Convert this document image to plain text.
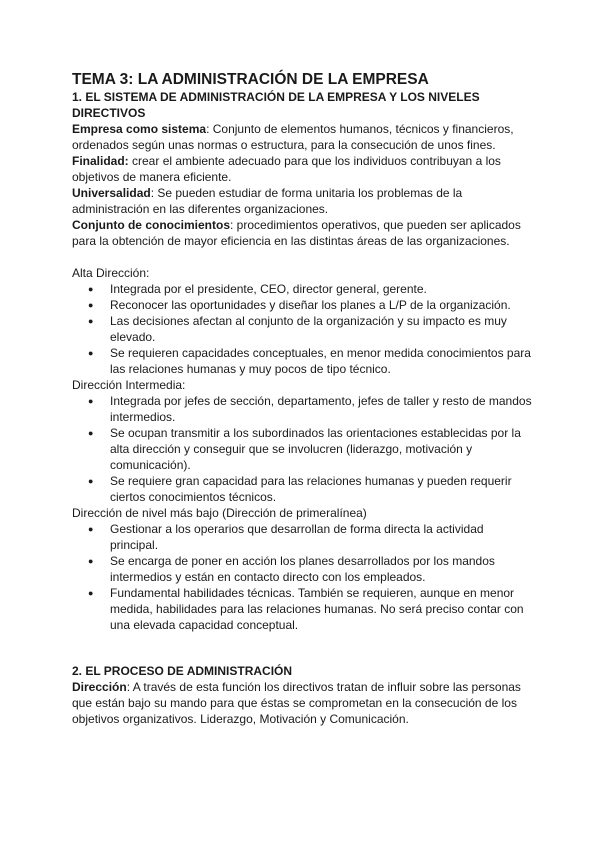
TEMA 3: LA ADMINISTRACIÓN DE LA EMPRESA
1. EL SISTEMA DE ADMINISTRACIÓN DE LA EMPRESA Y LOS NIVELES DIRECTIVOS

Empresa como sistema: Conjunto de elementos humanos, técnicos y financieros, ordenados según unas normas o estructura, para la consecución de unos fines.

Finalidad: crear el ambiente adecuado para que los individuos contribuyan a los objetivos de manera eficiente.

Universalidad: Se pueden estudiar de forma unitaria los problemas de la administración en las diferentes organizaciones.

Conjunto de conocimientos: procedimientos operativos, que pueden ser aplicados para la obtención de mayor eficiencia en las distintas áreas de las organizaciones.

Alta Dirección:
● Integrada por el presidente, CEO, director general, gerente.
● Reconocer las oportunidades y diseñar los planes a L/P de la organización.
● Las decisiones afectan al conjunto de la organización y su impacto es muy elevado.
● Se requieren capacidades conceptuales, en menor medida conocimientos para las relaciones humanas y muy pocos de tipo técnico.
Dirección Intermedia:
● Integrada por jefes de sección, departamento, jefes de taller y resto de mandos intermedios.
● Se ocupan transmitir a los subordinados las orientaciones establecidas por la alta dirección y conseguir que se involucren (liderazgo, motivación y comunicación).
● Se requiere gran capacidad para las relaciones humanas y pueden requerir ciertos conocimientos técnicos.
Dirección de nivel más bajo (Dirección de primeralínea)
● Gestionar a los operarios que desarrollan de forma directa la actividad principal.
● Se encarga de poner en acción los planes desarrollados por los mandos intermedios y están en contacto directo con los empleados.
● Fundamental habilidades técnicas. También se requieren, aunque en menor medida, habilidades para las relaciones humanas. No será preciso contar con una elevada capacidad conceptual.
2. EL PROCESO DE ADMINISTRACIÓN

Dirección: A través de esta función los directivos tratan de influir sobre las personas que están bajo su mando para que éstas se comprometan en la consecución de los objetivos organizativos. Liderazgo, Motivación y Comunicación.
